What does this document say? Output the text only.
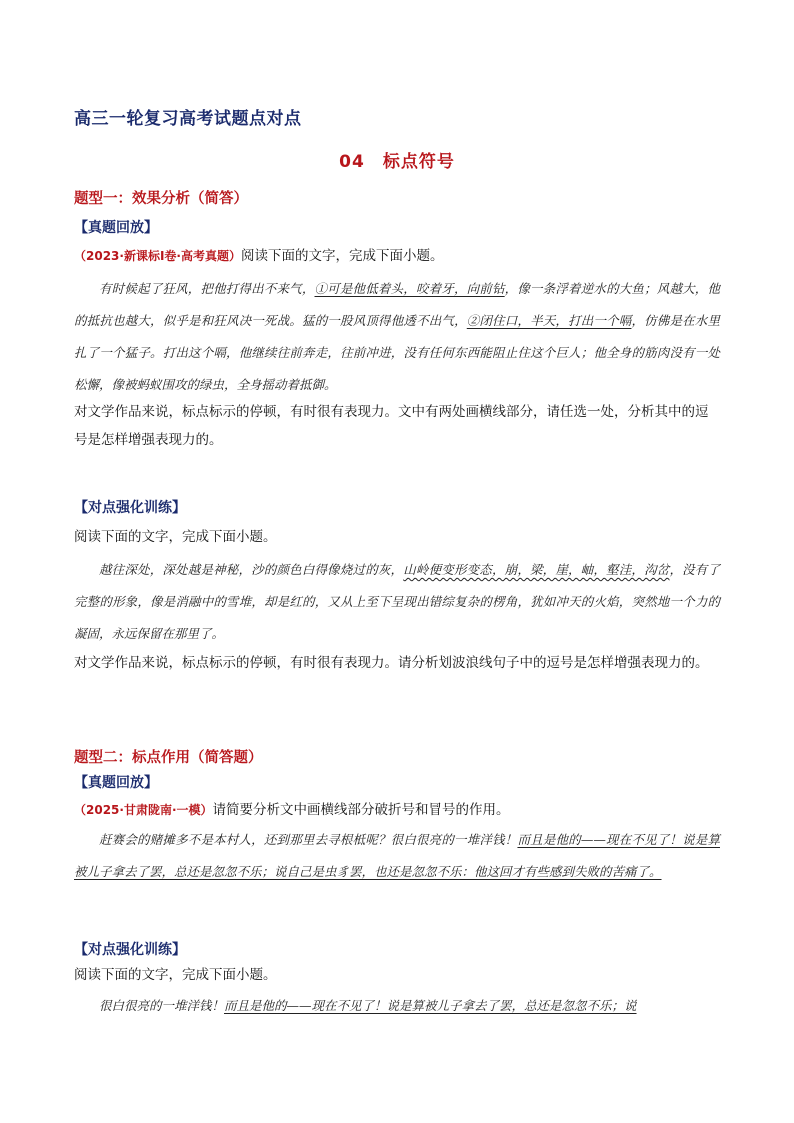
高三一轮复习高考试题点对点
04 标点符号
题型一：效果分析（简答）
【真题回放】
（2023·新课标Ⅰ卷·高考真题）阅读下面的文字，完成下面小题。
有时候起了狂风，把他打得出不来气，①可是他低着头，咬着牙，向前钻，像一条浮着逆水的大鱼；风越大，他的抵抗也越大，似乎是和狂风决一死战。猛的一股风顶得他透不出气，②闭住口，半天，打出一个嗝，仿佛是在水里扎了一个猛子。打出这个嗝，他继续往前奔走，往前冲进，没有任何东西能阻止住这个巨人；他全身的筋肉没有一处松懈，像被蚂蚁围攻的绿虫，全身摇动着抵御。
对文学作品来说，标点标示的停顿，有时很有表现力。文中有两处画横线部分，请任选一处，分析其中的逗号是怎样增强表现力的。
【对点强化训练】
阅读下面的文字，完成下面小题。
越往深处，深处越是神秘，沙的颜色白得像烧过的灰，山岭便变形变态，崩，梁，崖，岫，壑洼，沟岔，没有了完整的形象，像是消融中的雪堆，却是红的，又从上至下呈现出错综复杂的楞角，犹如冲天的火焰，突然地一个力的凝固，永远保留在那里了。
对文学作品来说，标点标示的停顿，有时很有表现力。请分析划波浪线句子中的逗号是怎样增强表现力的。
题型二：标点作用（简答题）
【真题回放】
（2025·甘肃陇南·一模）请简要分析文中画横线部分破折号和冒号的作用。
赶赛会的赌摊多不是本村人，还到那里去寻根柢呢？很白很亮的一堆洋钱！而且是他的——现在不见了！说是算被儿子拿去了罢，总还是忽忽不乐；说自己是虫豸罢，也还是忽忽不乐：他这回才有些感到失败的苦痛了。
【对点强化训练】
阅读下面的文字，完成下面小题。
很白很亮的一堆洋钱！而且是他的——现在不见了！说是算被儿子拿去了罢，总还是忽忽不乐；说
